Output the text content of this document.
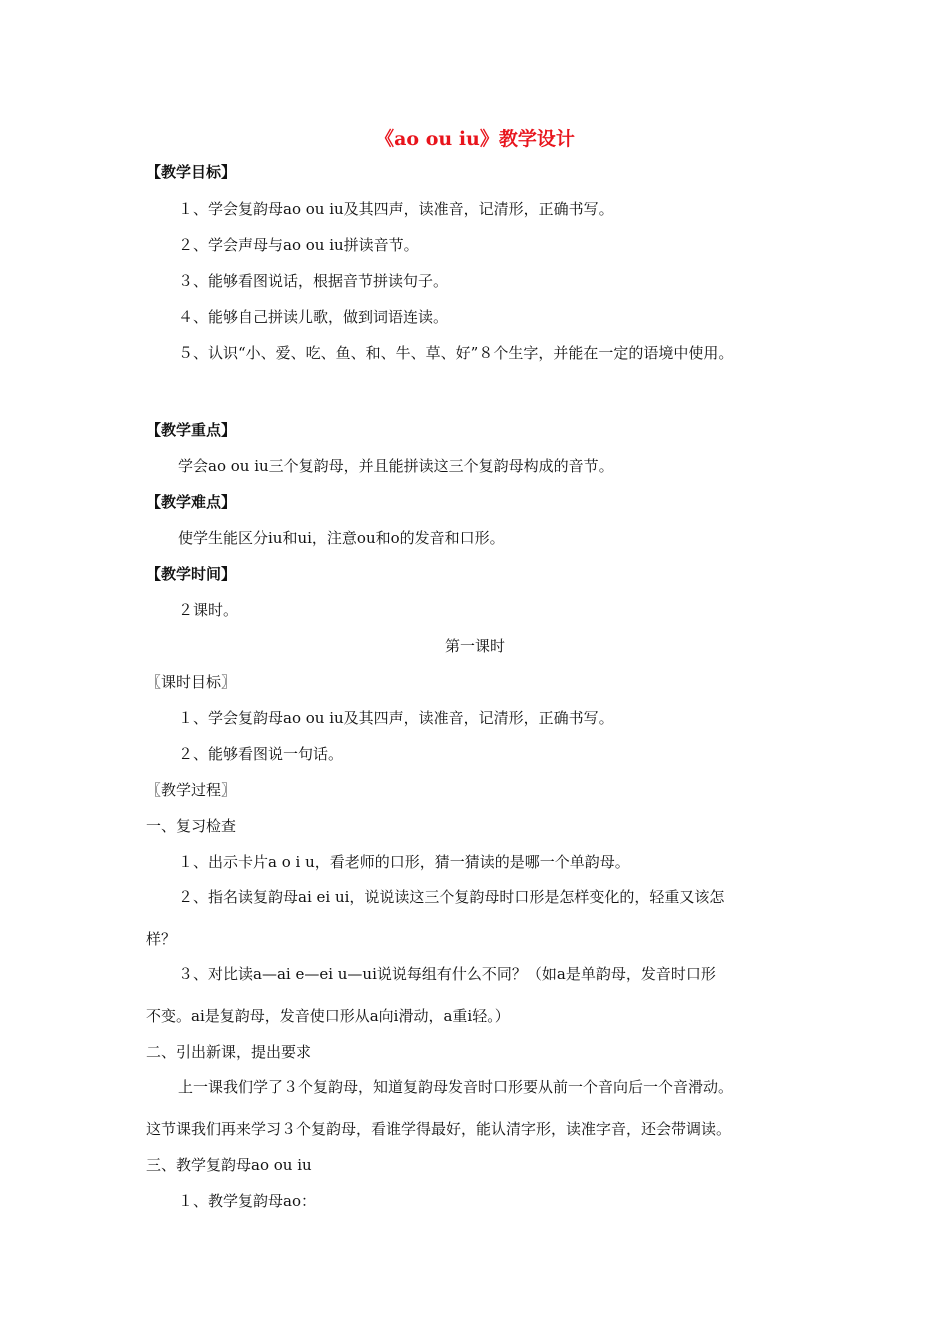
《ao ou iu》教学设计

【教学目标】

１、学会复韵母ao ou iu及其四声，读准音，记清形，正确书写。

２、学会声母与ao ou iu拼读音节。

３、能够看图说话，根据音节拼读句子。

４、能够自己拼读儿歌，做到词语连读。

５、认识“小、爱、吃、鱼、和、牛、草、好”８个生字，并能在一定的语境中使用。

【教学重点】

学会ao ou iu三个复韵母，并且能拼读这三个复韵母构成的音节。

【教学难点】

使学生能区分iu和ui，注意ou和o的发音和口形。

【教学时间】

２课时。

第一课时

〖课时目标〗

１、学会复韵母ao ou iu及其四声，读准音，记清形，正确书写。

２、能够看图说一句话。

〖教学过程〗

一、复习检查

１、出示卡片a o i u，看老师的口形，猜一猜读的是哪一个单韵母。

２、指名读复韵母ai ei ui，说说读这三个复韵母时口形是怎样变化的，轻重又该怎

样？

３、对比读a—ai e—ei u—ui说说每组有什么不同？（如a是单韵母，发音时口形

不变。ai是复韵母，发音使口形从a向i滑动，a重i轻。）

二、引出新课，提出要求

上一课我们学了３个复韵母，知道复韵母发音时口形要从前一个音向后一个音滑动。

这节课我们再来学习３个复韵母，看谁学得最好，能认清字形，读准字音，还会带调读。

三、教学复韵母ao ou iu

１、教学复韵母ao：
